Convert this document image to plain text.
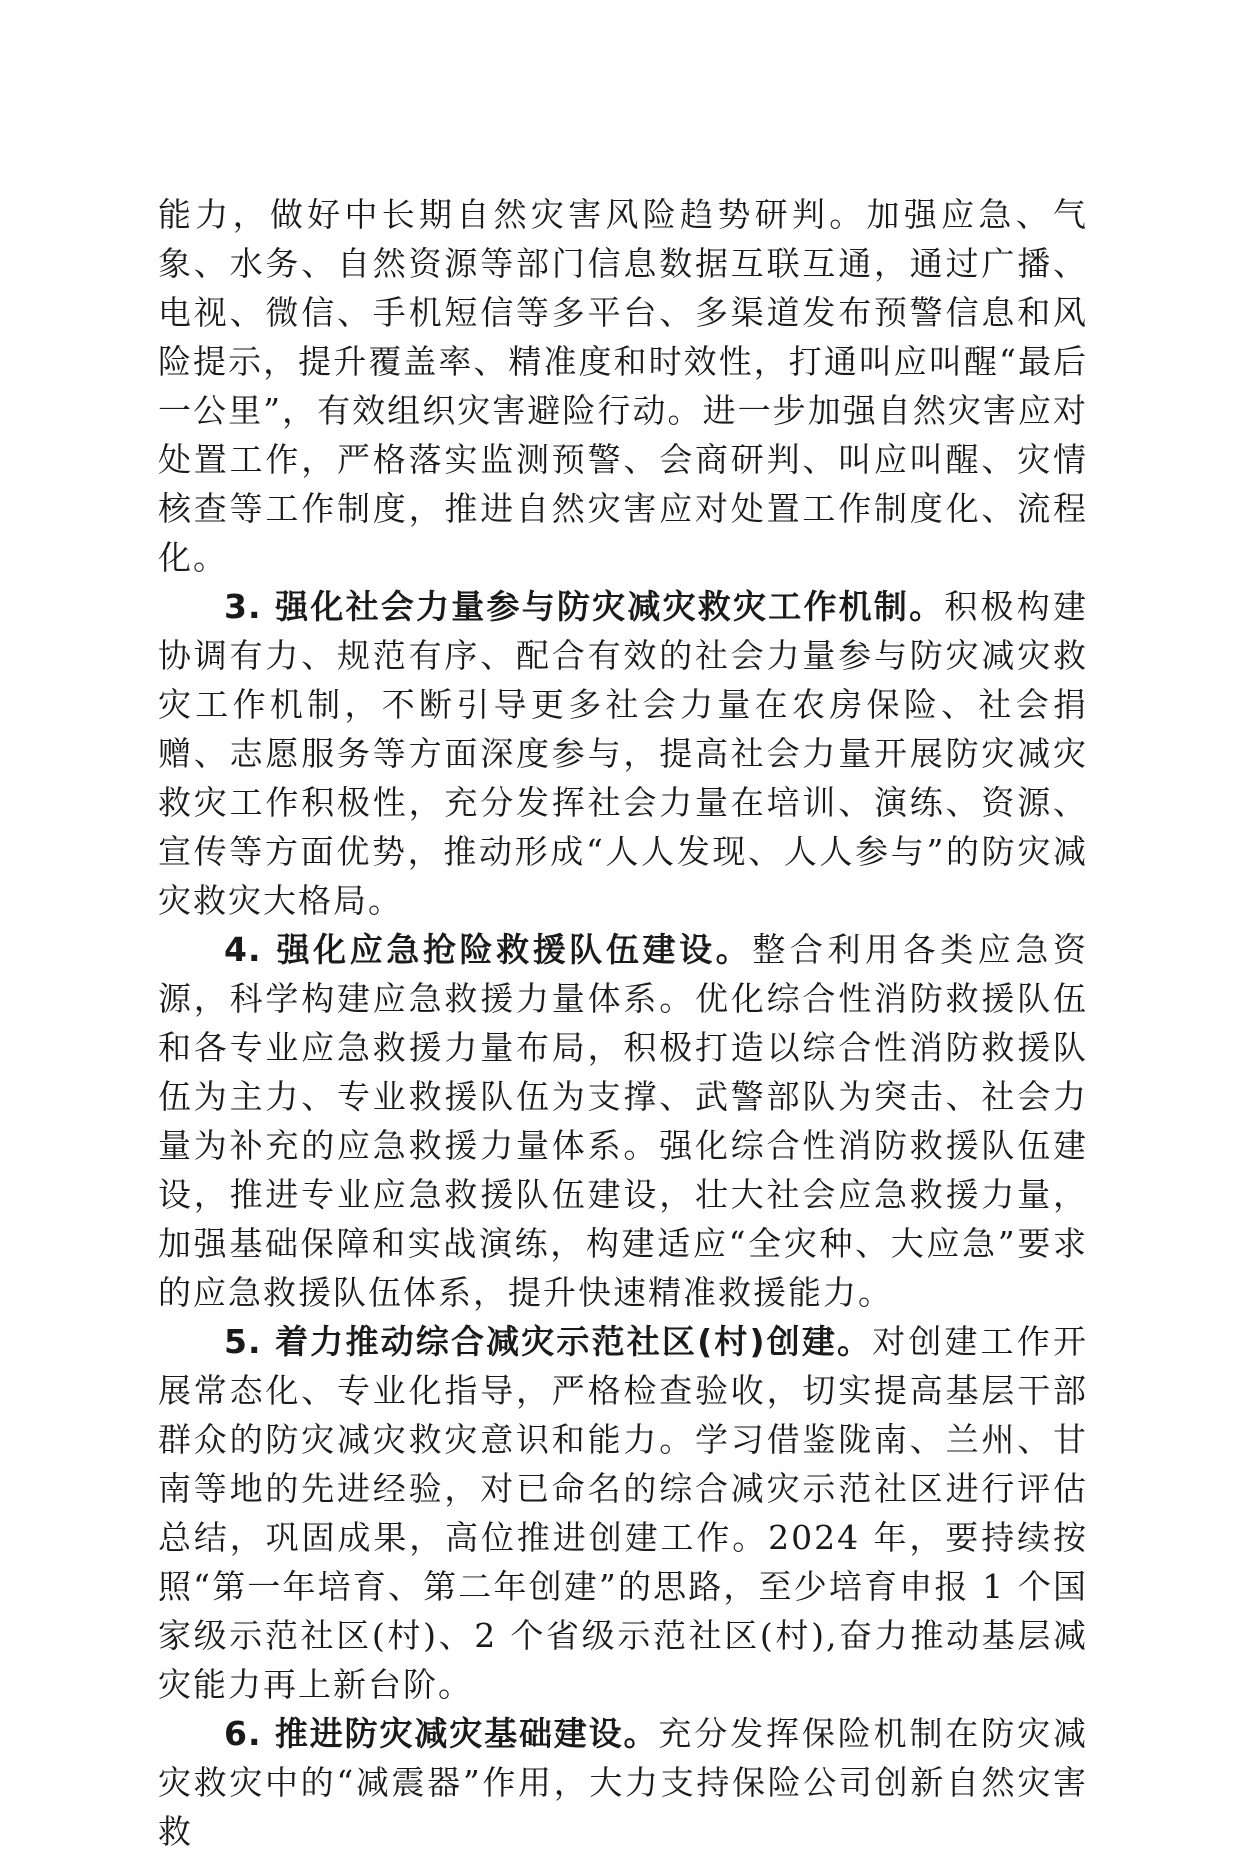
能力，做好中长期自然灾害风险趋势研判。加强应急、气象、水务、自然资源等部门信息数据互联互通，通过广播、电视、微信、手机短信等多平台、多渠道发布预警信息和风险提示，提升覆盖率、精准度和时效性，打通叫应叫醒“最后一公里”，有效组织灾害避险行动。进一步加强自然灾害应对处置工作，严格落实监测预警、会商研判、叫应叫醒、灾情核查等工作制度，推进自然灾害应对处置工作制度化、流程化。

3. 强化社会力量参与防灾减灾救灾工作机制。积极构建协调有力、规范有序、配合有效的社会力量参与防灾减灾救灾工作机制，不断引导更多社会力量在农房保险、社会捐赠、志愿服务等方面深度参与，提高社会力量开展防灾减灾救灾工作积极性，充分发挥社会力量在培训、演练、资源、宣传等方面优势，推动形成“人人发现、人人参与”的防灾减灾救灾大格局。

4. 强化应急抢险救援队伍建设。整合利用各类应急资源，科学构建应急救援力量体系。优化综合性消防救援队伍和各专业应急救援力量布局，积极打造以综合性消防救援队伍为主力、专业救援队伍为支撑、武警部队为突击、社会力量为补充的应急救援力量体系。强化综合性消防救援队伍建设，推进专业应急救援队伍建设，壮大社会应急救援力量，加强基础保障和实战演练，构建适应“全灾种、大应急”要求的应急救援队伍体系，提升快速精准救援能力。

5. 着力推动综合减灾示范社区(村)创建。对创建工作开展常态化、专业化指导，严格检查验收，切实提高基层干部群众的防灾减灾救灾意识和能力。学习借鉴陇南、兰州、甘南等地的先进经验，对已命名的综合减灾示范社区进行评估总结，巩固成果，高位推进创建工作。2024 年，要持续按照“第一年培育、第二年创建”的思路，至少培育申报 1 个国家级示范社区(村)、2 个省级示范社区(村),奋力推动基层减灾能力再上新台阶。

6. 推进防灾减灾基础建设。充分发挥保险机制在防灾减灾救灾中的“减震器”作用，大力支持保险公司创新自然灾害救
